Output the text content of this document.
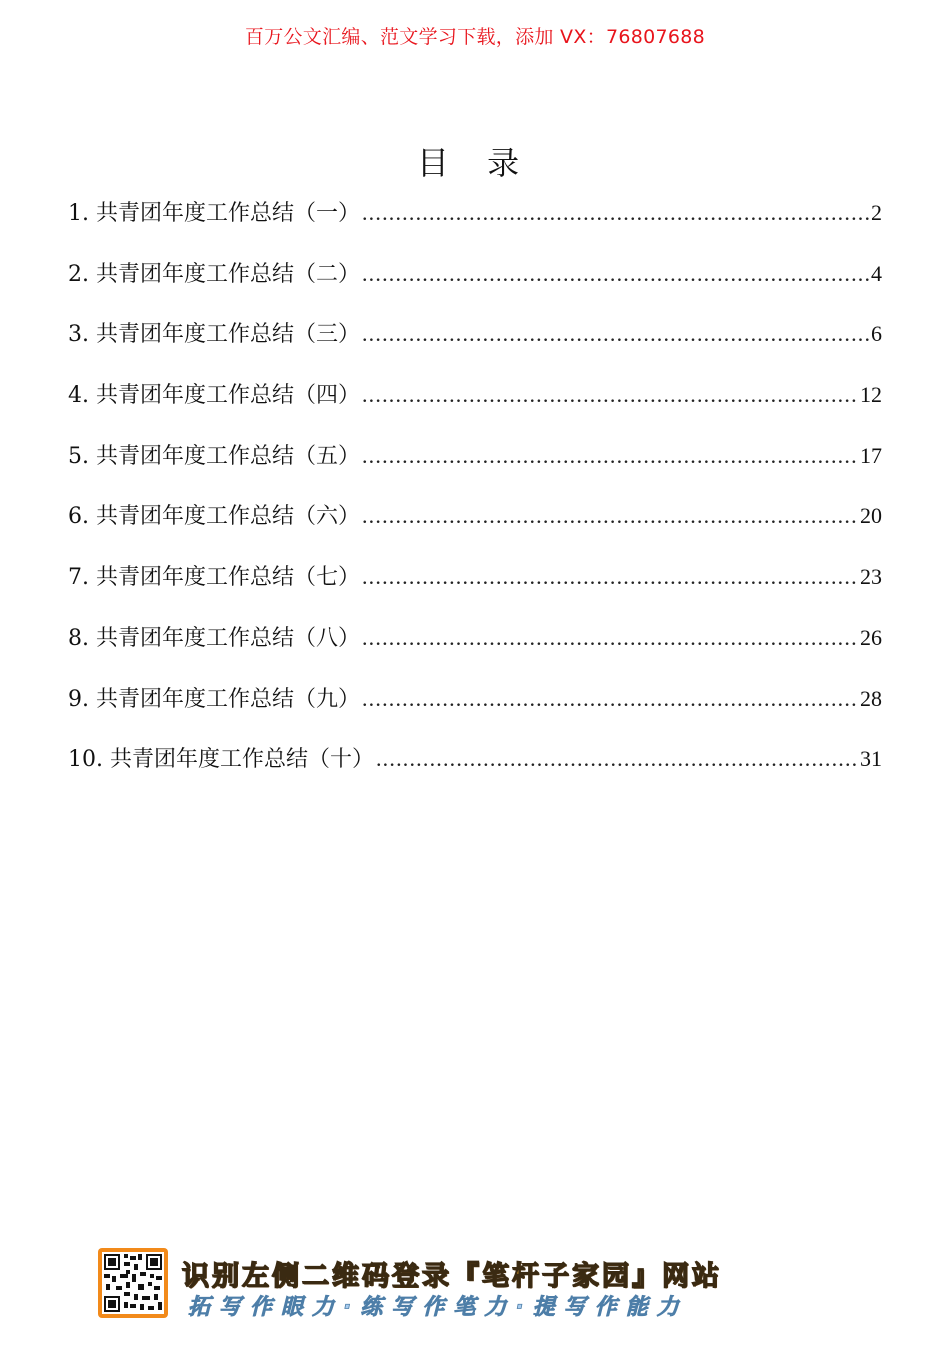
百万公文汇编、范文学习下载，添加 VX：76807688
目 录
1. 共青团年度工作总结（一） .....	2
2. 共青团年度工作总结（二） .....	4
3. 共青团年度工作总结（三） .....	6
4. 共青团年度工作总结（四） .....	12
5. 共青团年度工作总结（五） .....	17
6. 共青团年度工作总结（六） .....	20
7. 共青团年度工作总结（七） .....	23
8. 共青团年度工作总结（八） .....	26
9. 共青团年度工作总结（九） .....	28
10. 共青团年度工作总结（十） .....	31
识别左侧二维码登录『笔杆子家园』网站
拓写作眼力·练写作笔力·提写作能力
